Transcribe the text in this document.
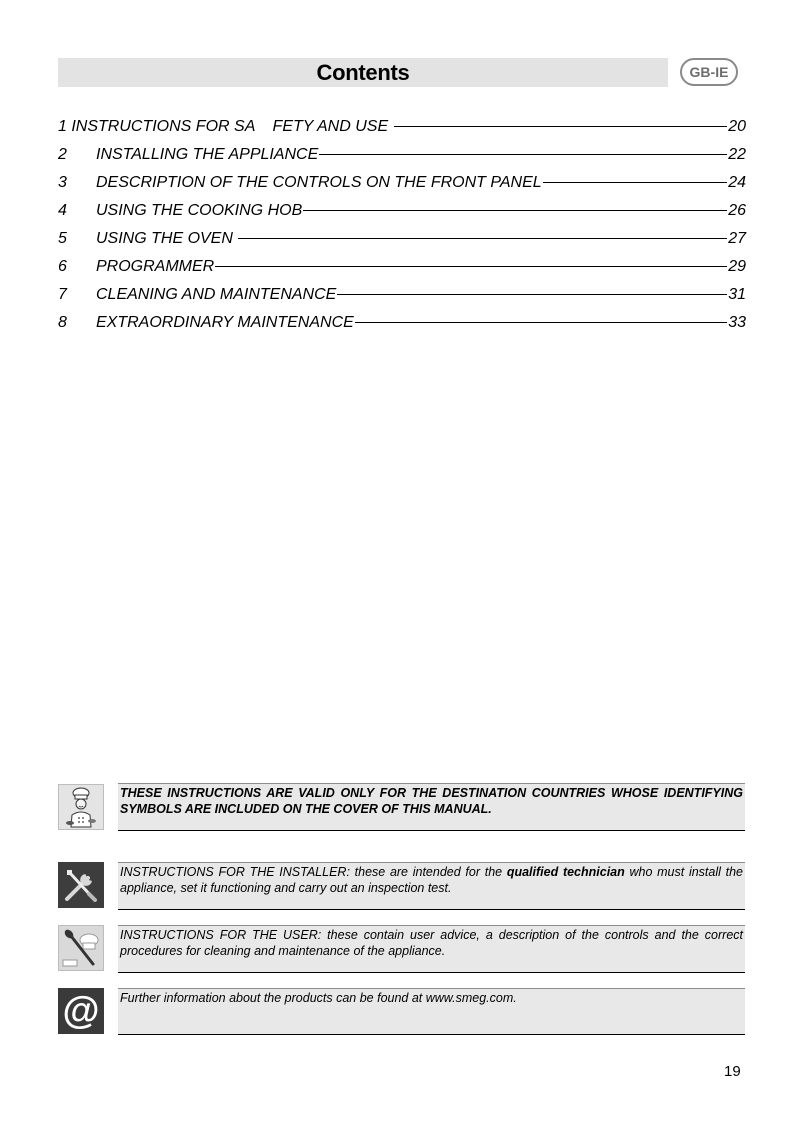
Contents	GB-IE
1 INSTRUCTIONS FOR SA    FETY AND USE	20
2	INSTALLING THE APPLIANCE	22
3	DESCRIPTION OF THE CONTROLS ON THE FRONT PANEL	24
4	USING THE COOKING HOB	26
5	USING THE OVEN	27
6	PROGRAMMER	29
7	CLEANING AND MAINTENANCE	31
8	EXTRAORDINARY MAINTENANCE	33
THESE INSTRUCTIONS ARE VALID ONLY FOR THE DESTINATION COUNTRIES WHOSE IDENTIFYING SYMBOLS ARE INCLUDED ON THE COVER OF THIS MANUAL.
INSTRUCTIONS FOR THE INSTALLER: these are intended for the qualified technician who must install the appliance, set it functioning and carry out an inspection test.
INSTRUCTIONS FOR THE USER: these contain user advice, a description of the controls and the correct procedures for cleaning and maintenance of the appliance.
@	Further information about the products can be found at www.smeg.com.
19
